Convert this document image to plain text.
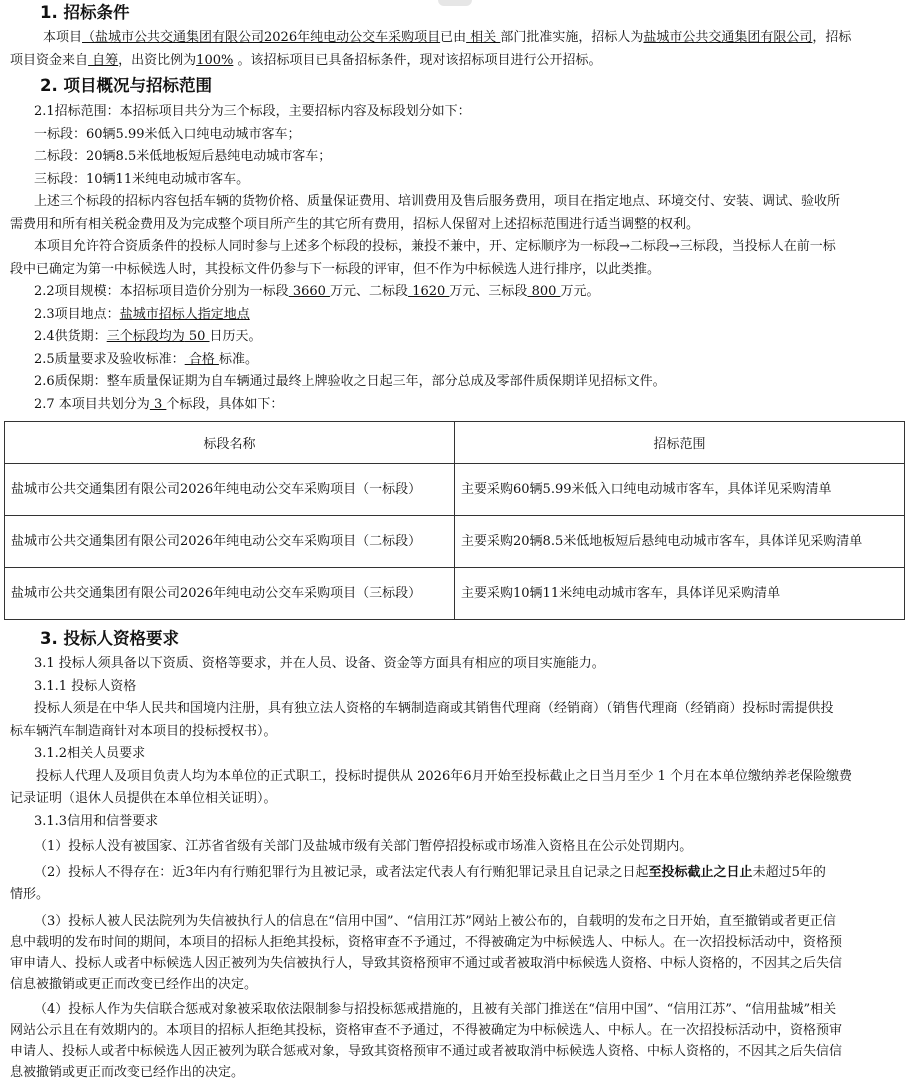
1. 招标条件

本项目（盐城市公共交通集团有限公司2026年纯电动公交车采购项目已由 相关 部门批准实施，招标人为盐城市公共交通集团有限公司，招标

项目资金来自 自筹，出资比例为100% 。该招标项目已具备招标条件，现对该招标项目进行公开招标。

2. 项目概况与招标范围

2.1招标范围：本招标项目共分为三个标段，主要招标内容及标段划分如下：

一标段：60辆5.99米低入口纯电动城市客车；

二标段：20辆8.5米低地板短后悬纯电动城市客车；

三标段：10辆11米纯电动城市客车。

上述三个标段的招标内容包括车辆的货物价格、质量保证费用、培训费用及售后服务费用，项目在指定地点、环境交付、安装、调试、验收所

需费用和所有相关税金费用及为完成整个项目所产生的其它所有费用，招标人保留对上述招标范围进行适当调整的权利。

本项目允许符合资质条件的投标人同时参与上述多个标段的投标，兼投不兼中，开、定标顺序为一标段→二标段→三标段，当投标人在前一标

段中已确定为第一中标候选人时，其投标文件仍参与下一标段的评审，但不作为中标候选人进行排序，以此类推。

2.2项目规模：本招标项目造价分别为一标段 3660 万元、二标段 1620 万元、三标段 800 万元。

2.3项目地点：盐城市招标人指定地点

2.4供货期：三个标段均为 50 日历天。

2.5质量要求及验收标准： 合格 标准。

2.6质保期：整车质量保证期为自车辆通过最终上牌验收之日起三年，部分总成及零部件质保期详见招标文件。

2.7 本项目共划分为 3 个标段，具体如下：

标段名称	招标范围
盐城市公共交通集团有限公司2026年纯电动公交车采购项目（一标段）	主要采购60辆5.99米低入口纯电动城市客车，具体详见采购清单
盐城市公共交通集团有限公司2026年纯电动公交车采购项目（二标段）	主要采购20辆8.5米低地板短后悬纯电动城市客车，具体详见采购清单
盐城市公共交通集团有限公司2026年纯电动公交车采购项目（三标段）	主要采购10辆11米纯电动城市客车，具体详见采购清单

3. 投标人资格要求

3.1 投标人须具备以下资质、资格等要求，并在人员、设备、资金等方面具有相应的项目实施能力。

3.1.1 投标人资格

投标人须是在中华人民共和国境内注册，具有独立法人资格的车辆制造商或其销售代理商（经销商）（销售代理商（经销商）投标时需提供投

标车辆汽车制造商针对本项目的投标授权书）。

3.1.2相关人员要求

投标人代理人及项目负责人均为本单位的正式职工，投标时提供从 2026年6月开始至投标截止之日当月至少 1 个月在本单位缴纳养老保险缴费

记录证明（退休人员提供在本单位相关证明）。

3.1.3信用和信誉要求

（1）投标人没有被国家、江苏省省级有关部门及盐城市级有关部门暂停招投标或市场准入资格且在公示处罚期内。

（2）投标人不得存在：近3年内有行贿犯罪行为且被记录，或者法定代表人有行贿犯罪记录且自记录之日起至投标截止之日止未超过5年的

情形。

（3）投标人被人民法院列为失信被执行人的信息在“信用中国”、“信用江苏”网站上被公布的，自载明的发布之日开始，直至撤销或者更正信

息中载明的发布时间的期间，本项目的招标人拒绝其投标，资格审查不予通过，不得被确定为中标候选人、中标人。在一次招投标活动中，资格预

审申请人、投标人或者中标候选人因正被列为失信被执行人，导致其资格预审不通过或者被取消中标候选人资格、中标人资格的，不因其之后失信

信息被撤销或更正而改变已经作出的决定。

（4）投标人作为失信联合惩戒对象被采取依法限制参与招投标惩戒措施的，且被有关部门推送在“信用中国”、“信用江苏”、“信用盐城”相关

网站公示且在有效期内的。本项目的招标人拒绝其投标，资格审查不予通过，不得被确定为中标候选人、中标人。在一次招投标活动中，资格预审

申请人、投标人或者中标候选人因正被列为联合惩戒对象，导致其资格预审不通过或者被取消中标候选人资格、中标人资格的，不因其之后失信信

息被撤销或更正而改变已经作出的决定。
